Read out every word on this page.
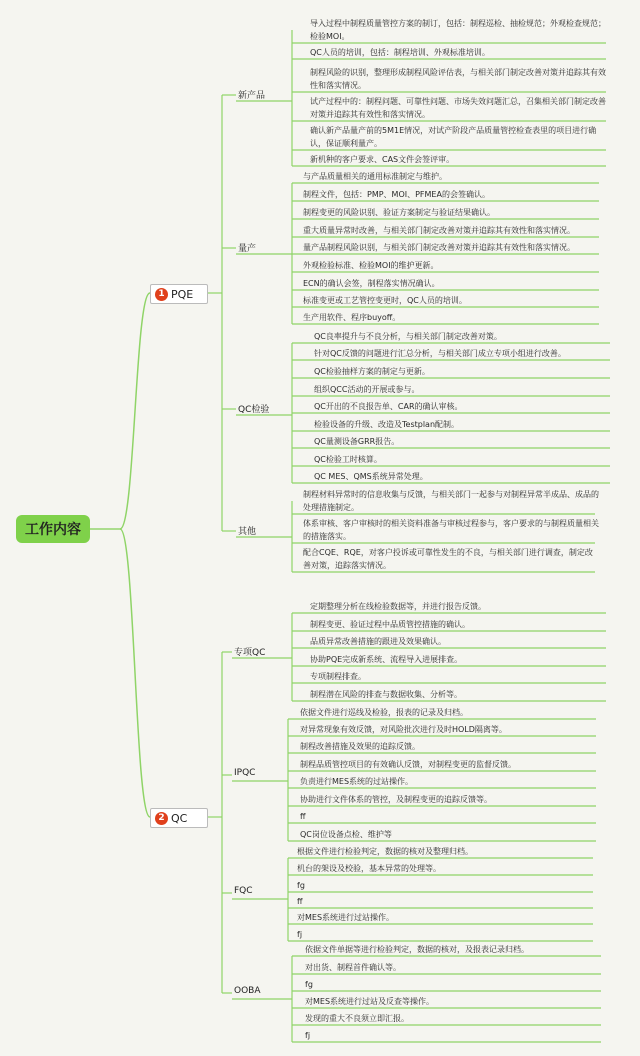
工作内容
1 PQE
2 QC
新产品
导入过程中制程质量管控方案的制订，包括：制程巡检、抽检规范；外观检查规范；检验MOI。
QC人员的培训，包括：制程培训、外观标准培训。
制程风险的识别，整理形成制程风险评估表，与相关部门制定改善对策并追踪其有效性和落实情况。
试产过程中的：制程问题、可靠性问题、市场失效问题汇总，召集相关部门制定改善对策并追踪其有效性和落实情况。
确认新产品量产前的5M1E情况，对试产阶段产品质量管控检查表里的项目进行确认，保证顺利量产。
新机种的客户要求、CAS文件会签评审。
量产
与产品质量相关的通用标准制定与维护。
制程文件，包括：PMP、MOI、PFMEA的会签确认。
制程变更的风险识别、验证方案制定与验证结果确认。
重大质量异常时改善，与相关部门制定改善对策并追踪其有效性和落实情况。
量产品制程风险识别，与相关部门制定改善对策并追踪其有效性和落实情况。
外观检验标准、检验MOI的维护更新。
ECN的确认会签，制程落实情况确认。
标准变更或工艺管控变更时，QC人员的培训。
生产用软件、程序buyoff。
QC检验
QC良率提升与不良分析，与相关部门制定改善对策。
针对QC反馈的问题进行汇总分析，与相关部门成立专项小组进行改善。
QC检验抽样方案的制定与更新。
组织QCC活动的开展或参与。
QC开出的不良报告单、CAR的确认审核。
检验设备的升级、改造及Testplan配制。
QC量测设备GRR报告。
QC检验工时核算。
QC MES、QMS系统异常处理。
其他
制程材料异常时的信息收集与反馈，与相关部门一起参与对制程异常半成品、成品的处理措施制定。
体系审核、客户审核时的相关资料准备与审核过程参与，客户要求的与制程质量相关的措施落实。
配合CQE、RQE，对客户投诉或可靠性发生的不良，与相关部门进行调查，制定改善对策，追踪落实情况。
专项QC
定期整理分析在线检验数据等，并进行报告反馈。
制程变更、验证过程中品质管控措施的确认。
品质异常改善措施的跟进及效果确认。
协助PQE完成新系统、流程导入进展排查。
专项制程排查。
制程潜在风险的排查与数据收集、分析等。
IPQC
依据文件进行巡线及检验，报表的记录及归档。
对异常现象有效反馈，对风险批次进行及时HOLD隔离等。
制程改善措施及效果的追踪反馈。
制程品质管控项目的有效确认反馈，对制程变更的监督反馈。
负责进行MES系统的过站操作。
协助进行文件体系的管控，及制程变更的追踪反馈等。
ff
QC岗位设备点检、维护等
FQC
根据文件进行检验判定，数据的核对及整理归档。
机台的架设及校验，基本异常的处理等。
fg
ff
对MES系统进行过站操作。
fj
OOBA
依据文件单据等进行检验判定，数据的核对，及报表记录归档。
对出货、制程首件确认等。
fg
对MES系统进行过站及反查等操作。
发现的重大不良须立即汇报。
fj
